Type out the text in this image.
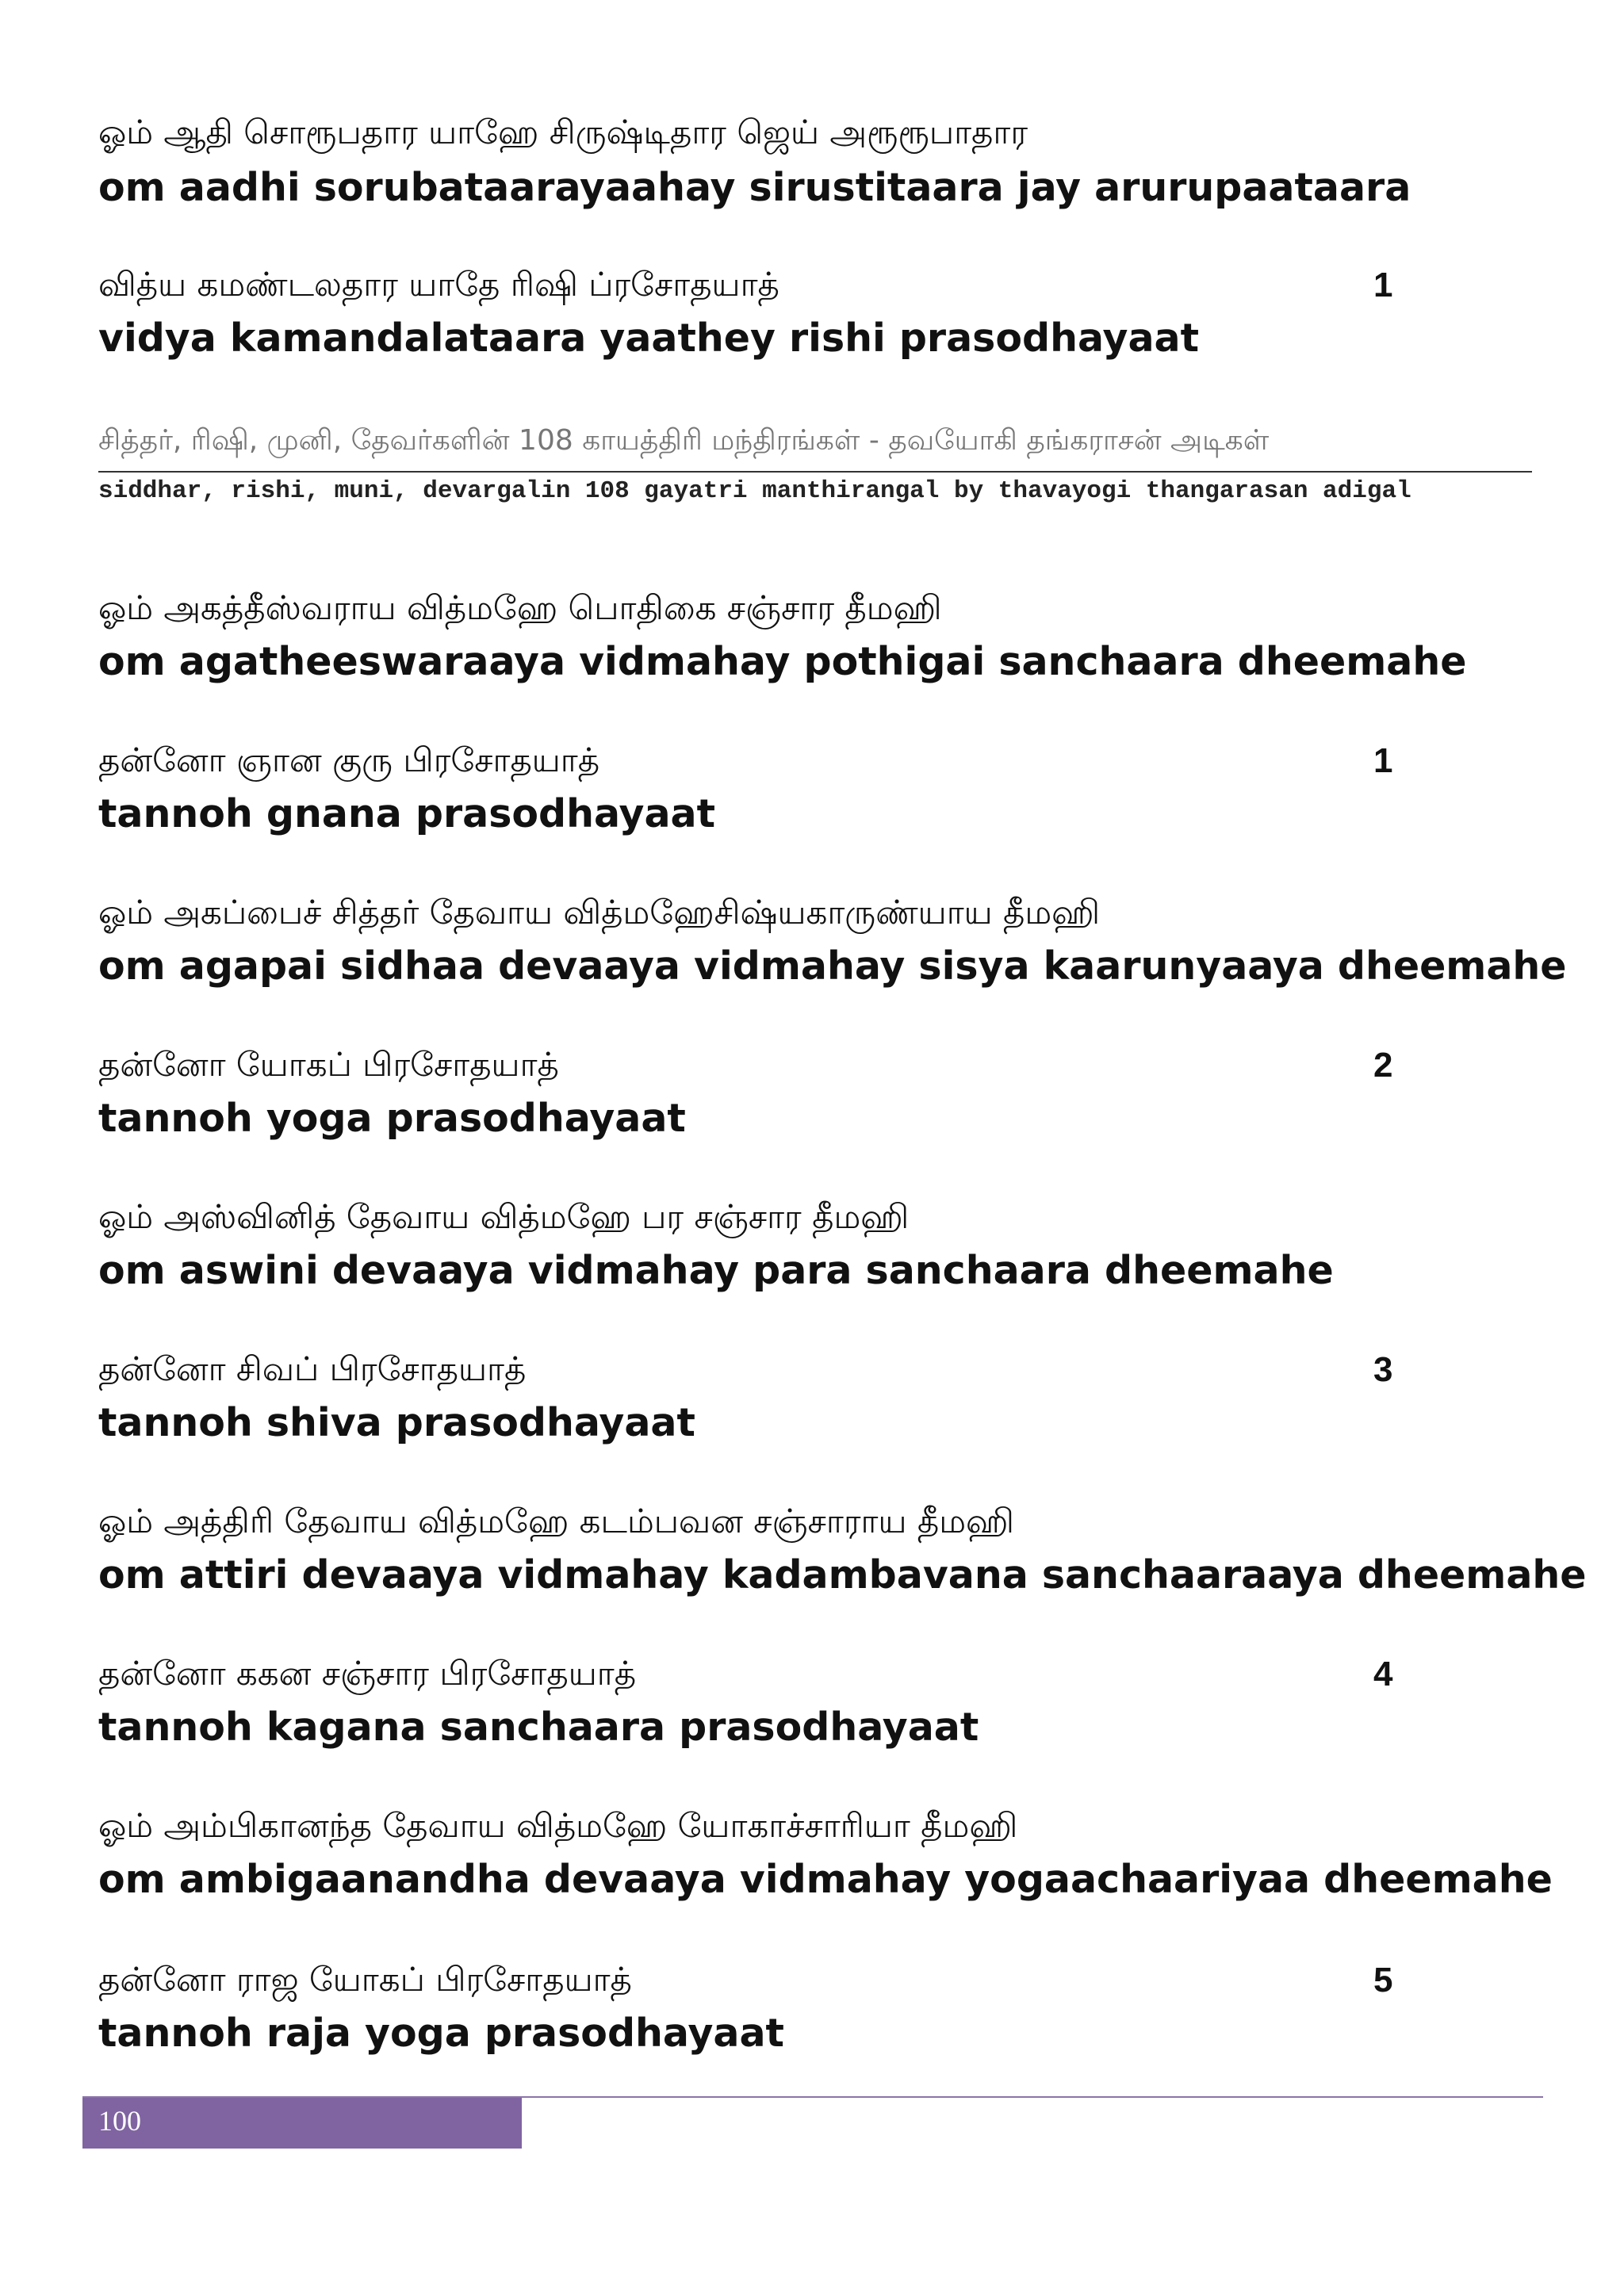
ஓம் ஆதி சொரூபதார யாஹே சிருஷ்டிதார ஜெய் அரூரூபாதார
om aadhi sorubataarayaahay sirustitaara jay arurupaataara
வித்ய கமண்டலதார யாதே ரிஷி ப்ரசோதயாத்	1
vidya kamandalataara yaathey rishi prasodhayaat
சித்தர், ரிஷி, முனி, தேவர்களின் 108 காயத்திரி மந்திரங்கள் - தவயோகி தங்கராசன் அடிகள்
siddhar, rishi, muni, devargalin 108 gayatri manthirangal by thavayogi thangarasan adigal
ஓம் அகத்தீஸ்வராய வித்மஹே பொதிகை சஞ்சார தீமஹி
om agatheeswaraaya vidmahay pothigai sanchaara dheemahe
தன்னோ ஞான குரு பிரசோதயாத்	1
tannoh gnana prasodhayaat
ஓம் அகப்பைச் சித்தர் தேவாய வித்மஹேசிஷ்யகாருண்யாய தீமஹி
om agapai sidhaa devaaya vidmahay sisya kaarunyaaya dheemahe
தன்னோ யோகப் பிரசோதயாத்	2
tannoh yoga prasodhayaat
ஓம் அஸ்வினித் தேவாய வித்மஹே பர சஞ்சார தீமஹி
om aswini devaaya vidmahay para sanchaara dheemahe
தன்னோ சிவப் பிரசோதயாத்	3
tannoh shiva prasodhayaat
ஓம் அத்திரி தேவாய வித்மஹே கடம்பவன சஞ்சாராய தீமஹி
om attiri devaaya vidmahay kadambavana sanchaaraaya dheemahe
தன்னோ ககன சஞ்சார பிரசோதயாத்	4
tannoh kagana sanchaara prasodhayaat
ஓம் அம்பிகானந்த தேவாய வித்மஹே யோகாச்சாரியா தீமஹி
om ambigaanandha devaaya vidmahay yogaachaariyaa dheemahe
தன்னோ ராஜ யோகப் பிரசோதயாத்	5
tannoh raja yoga prasodhayaat
100
